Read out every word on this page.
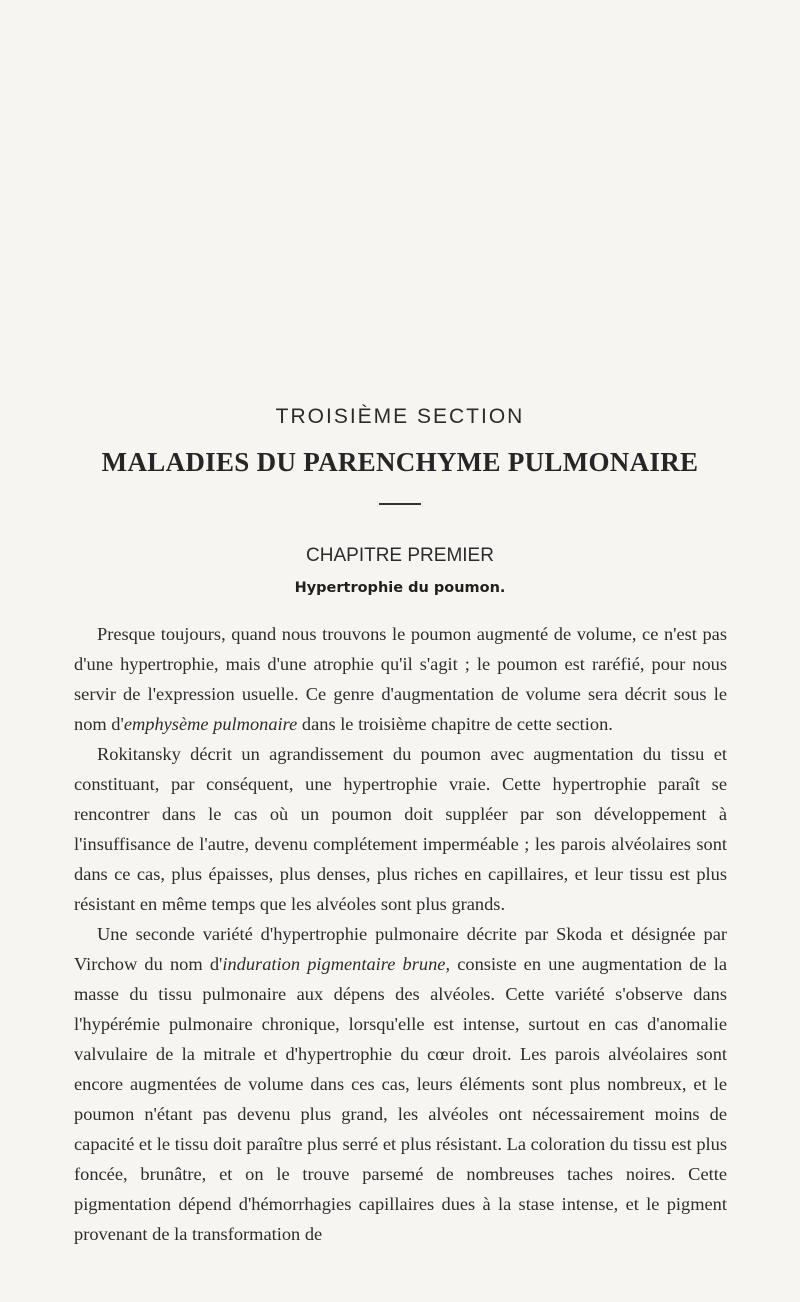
TROISIÈME SECTION
MALADIES DU PARENCHYME PULMONAIRE
CHAPITRE PREMIER
Hypertrophie du poumon.

Presque toujours, quand nous trouvons le poumon augmenté de volume, ce n'est pas d'une hypertrophie, mais d'une atrophie qu'il s'agit ; le poumon est raréfié, pour nous servir de l'expression usuelle. Ce genre d'augmentation de volume sera décrit sous le nom d'emphysème pulmonaire dans le troisième chapitre de cette section.

Rokitansky décrit un agrandissement du poumon avec augmentation du tissu et constituant, par conséquent, une hypertrophie vraie. Cette hypertrophie paraît se rencontrer dans le cas où un poumon doit suppléer par son développement à l'insuffisance de l'autre, devenu complétement imperméable ; les parois alvéolaires sont dans ce cas, plus épaisses, plus denses, plus riches en capillaires, et leur tissu est plus résistant en même temps que les alvéoles sont plus grands.

Une seconde variété d'hypertrophie pulmonaire décrite par Skoda et désignée par Virchow du nom d'induration pigmentaire brune, consiste en une augmentation de la masse du tissu pulmonaire aux dépens des alvéoles. Cette variété s'observe dans l'hypérémie pulmonaire chronique, lorsqu'elle est intense, surtout en cas d'anomalie valvulaire de la mitrale et d'hypertrophie du cœur droit. Les parois alvéolaires sont encore augmentées de volume dans ces cas, leurs éléments sont plus nombreux, et le poumon n'étant pas devenu plus grand, les alvéoles ont nécessairement moins de capacité et le tissu doit paraître plus serré et plus résistant. La coloration du tissu est plus foncée, brunâtre, et on le trouve parsemé de nombreuses taches noires. Cette pigmentation dépend d'hémorrhagies capillaires dues à la stase intense, et le pigment provenant de la transformation de
